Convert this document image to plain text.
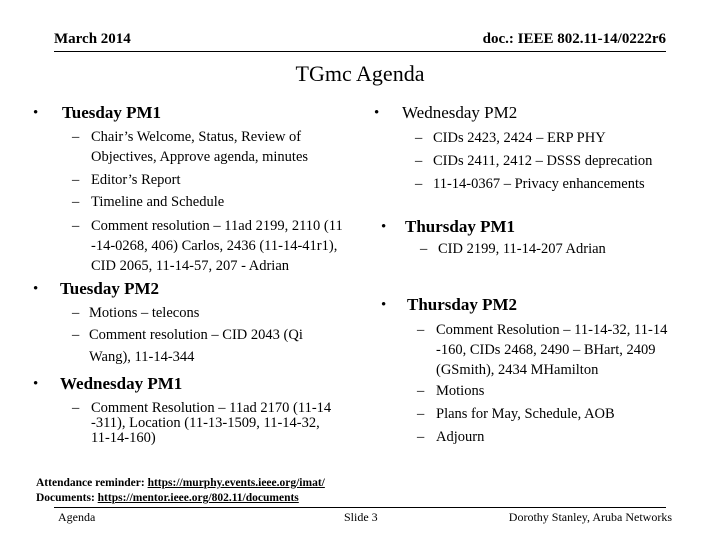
March 2014	doc.: IEEE 802.11-14/0222r6
TGmc Agenda
• Tuesday PM1
– Chair’s Welcome, Status, Review of
Objectives, Approve agenda, minutes
– Editor’s Report
– Timeline and Schedule
– Comment resolution – 11ad 2199, 2110 (11
-14-0268, 406) Carlos, 2436 (11-14-41r1),
CID 2065, 11-14-57, 207 - Adrian
• Tuesday PM2
– Motions – telecons
– Comment resolution – CID 2043 (Qi
Wang), 11-14-344
• Wednesday PM1
– Comment Resolution – 11ad 2170 (11-14
-311), Location (11-13-1509, 11-14-32,
11-14-160)
• Wednesday PM2
– CIDs 2423, 2424 – ERP PHY
– CIDs 2411, 2412 – DSSS deprecation
– 11-14-0367 – Privacy enhancements
• Thursday PM1
– CID 2199, 11-14-207 Adrian
• Thursday PM2
– Comment Resolution – 11-14-32, 11-14
-160, CIDs 2468, 2490 – BHart, 2409
(GSmith), 2434 MHamilton
– Motions
– Plans for May, Schedule, AOB
– Adjourn
Attendance reminder: https://murphy.events.ieee.org/imat/
Documents: https://mentor.ieee.org/802.11/documents
Agenda	Slide 3	Dorothy Stanley, Aruba Networks
